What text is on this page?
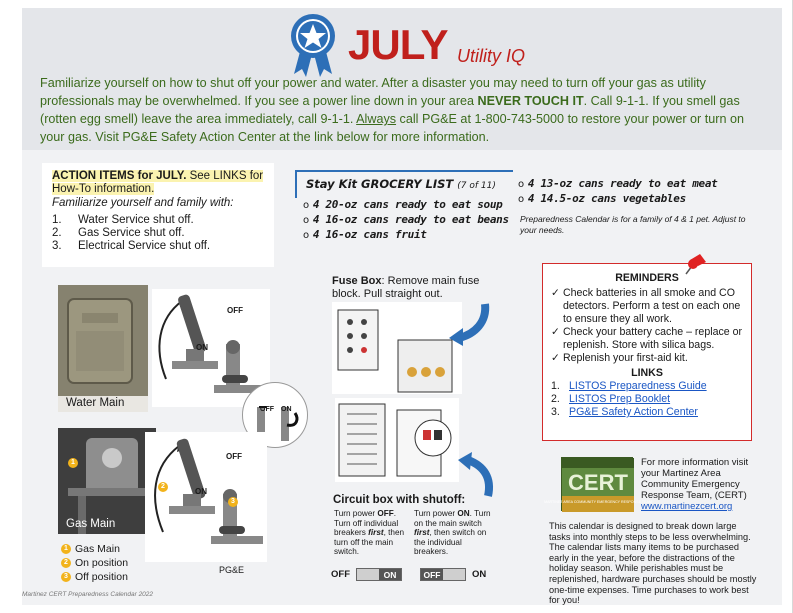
JULY Utility IQ
Familiarize yourself on how to shut off your power and water. After a disaster you may need to turn off your gas as utility professionals may be overwhelmed. If you see a power line down in your area NEVER TOUCH IT. Call 9-1-1. If you smell gas (rotten egg smell) leave the area immediately, call 9-1-1. Always call PG&E at 1-800-743-5000 to restore your power or turn on your gas. Visit PG&E Safety Action Center at the link below for more information.
ACTION ITEMS for JULY. See LINKS for How-To information.
Familiarize yourself and family with:
1.	Water Service shut off.
2.	Gas Service shut off.
3.	Electrical Service shut off.
Stay Kit GROCERY LIST (7 of 11)
o 4 20-oz cans ready to eat soup
o 4 16-oz cans ready to eat beans
o 4 16-oz cans fruit
o 4 13-oz cans ready to eat meat
o 4 14.5-oz cans vegetables
Preparedness Calendar is for a family of 4 & 1 pet. Adjust to your needs.
Water Main
OFF
ON
OFF ON
1
Gas Main
2
3
OFF
ON
1 Gas Main
2 On position
3 Off position
PG&E
Fuse Box: Remove main fuse block. Pull straight out.
Circuit box with shutoff:
Turn power OFF. Turn off individual breakers first, then turn off the main switch.
Turn power ON. Turn on the main switch first, then switch on the individual breakers.
OFF	ON	OFF	ON
REMINDERS
✓ Check batteries in all smoke and CO detectors. Perform a test on each one to ensure they all work.
✓ Check your battery cache – replace or replenish. Store with silica bags.
✓ Replenish your first-aid kit.
LINKS
1. LISTOS Preparedness Guide
2. LISTOS Prep Booklet
3. PG&E Safety Action Center
CERT
MARTINEZ AREA COMMUNITY EMERGENCY RESPONSE TEAM
For more information visit your Martinez Area Community Emergency Response Team, (CERT)
www.martinezcert.org
This calendar is designed to break down large tasks into monthly steps to be less overwhelming. The calendar lists many items to be purchased early in the year, before the distractions of the holiday season. While perishables must be replenished, hardware purchases should be mostly one-time expenses. Time purchases to work best for you!
Martinez CERT Preparedness Calendar 2022
